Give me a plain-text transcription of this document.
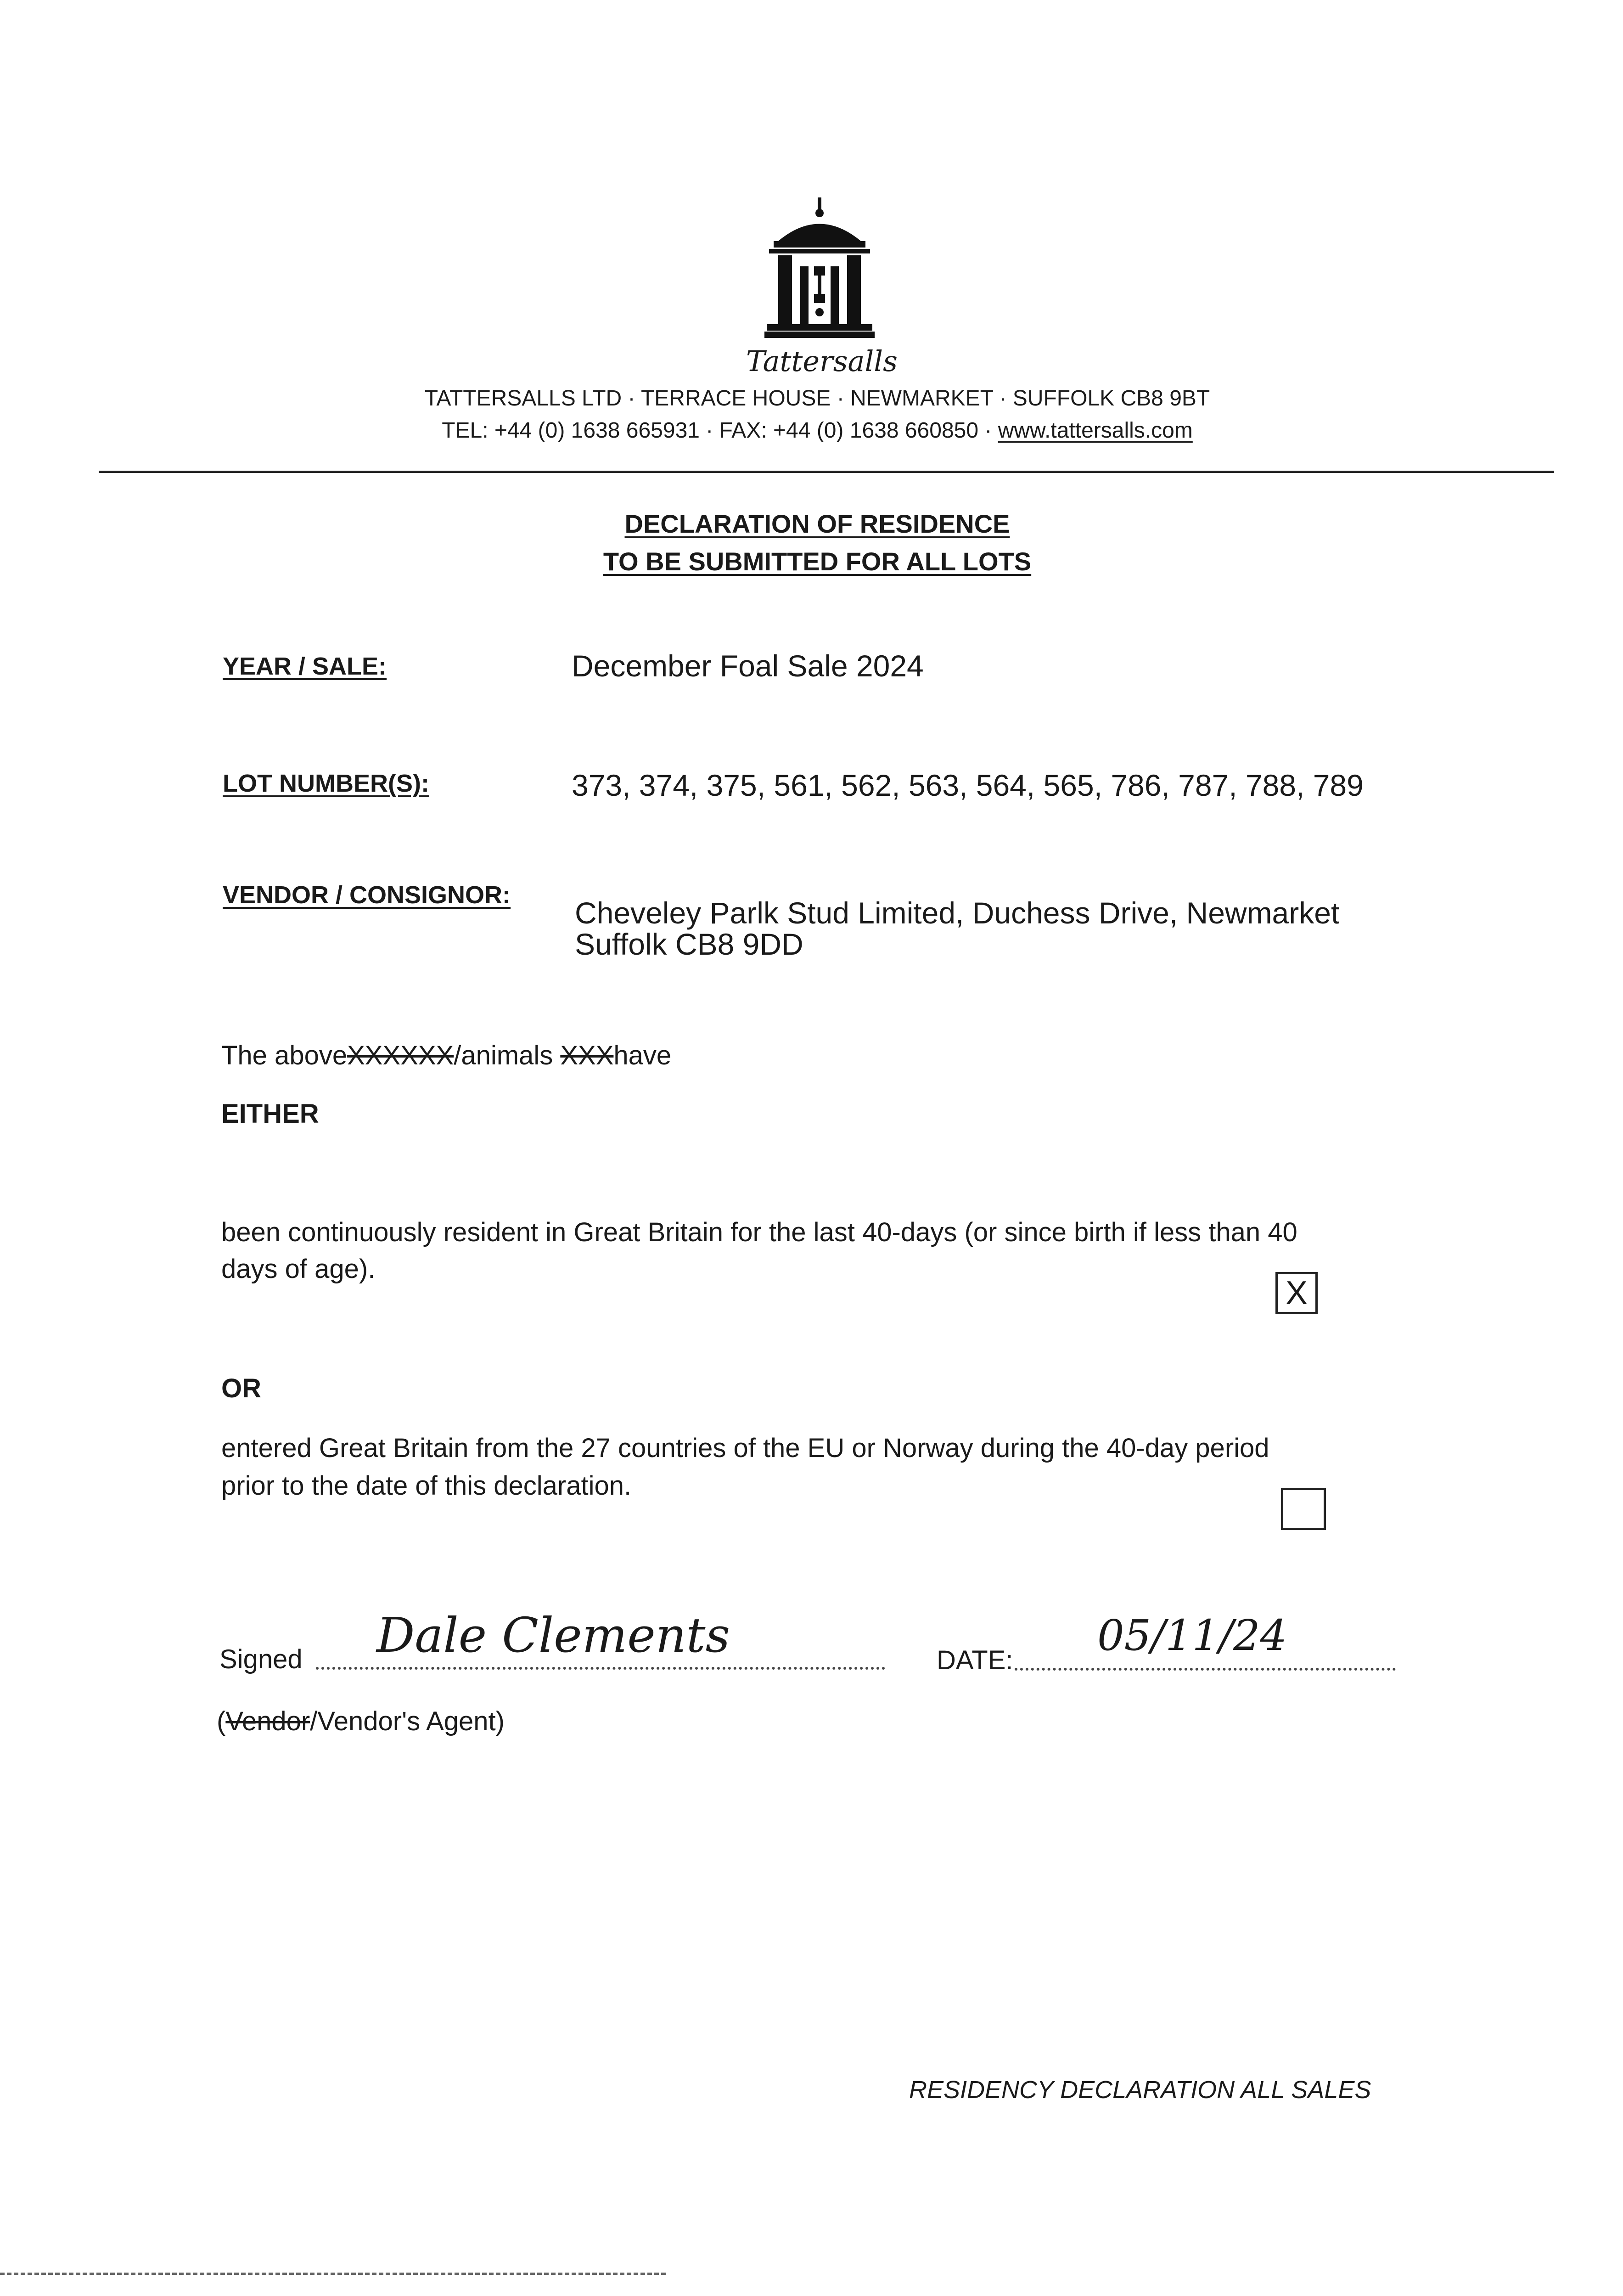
Tattersalls
TATTERSALLS LTD · TERRACE HOUSE · NEWMARKET · SUFFOLK CB8 9BT
TEL: +44 (0) 1638 665931 · FAX: +44 (0) 1638 660850 · www.tattersalls.com
DECLARATION OF RESIDENCE
TO BE SUBMITTED FOR ALL LOTS
YEAR / SALE:	December Foal Sale 2024
LOT NUMBER(S):	373, 374, 375, 561, 562, 563, 564, 565, 786, 787, 788, 789
VENDOR / CONSIGNOR:
Cheveley Parlk Stud Limited, Duchess Drive, Newmarket
Suffolk CB8 9DD
The aboveXXXXXX/animals XXXhave
EITHER
been continuously resident in Great Britain for the last 40-days (or since birth if less than 40
days of age).
X
OR
entered Great Britain from the 27 countries of the EU or Norway during the 40-day period
prior to the date of this declaration.
Signed Dale Clements	DATE:
05/11/24
(Vendor/Vendor's Agent)
RESIDENCY DECLARATION ALL SALES
